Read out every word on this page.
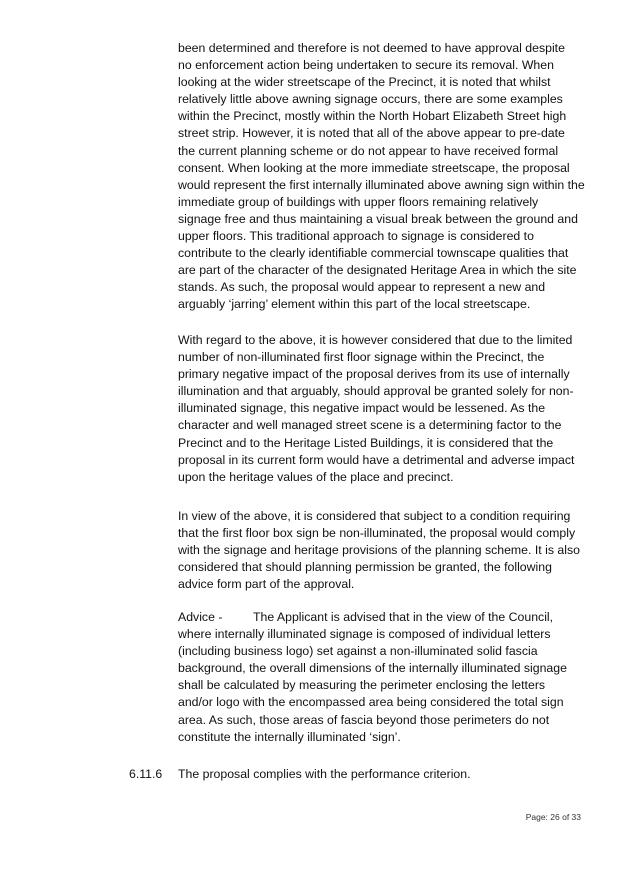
been determined and therefore is not deemed to have approval despite
no enforcement action being undertaken to secure its removal. When
looking at the wider streetscape of the Precinct, it is noted that whilst
relatively little above awning signage occurs, there are some examples
within the Precinct, mostly within the North Hobart Elizabeth Street high
street strip. However, it is noted that all of the above appear to pre-date
the current planning scheme or do not appear to have received formal
consent. When looking at the more immediate streetscape, the proposal
would represent the first internally illuminated above awning sign within the
immediate group of buildings with upper floors remaining relatively
signage free and thus maintaining a visual break between the ground and
upper floors. This traditional approach to signage is considered to
contribute to the clearly identifiable commercial townscape qualities that
are part of the character of the designated Heritage Area in which the site
stands. As such, the proposal would appear to represent a new and
arguably ‘jarring’ element within this part of the local streetscape.
With regard to the above, it is however considered that due to the limited
number of non-illuminated first floor signage within the Precinct, the
primary negative impact of the proposal derives from its use of internally
illumination and that arguably, should approval be granted solely for non-
illuminated signage, this negative impact would be lessened. As the
character and well managed street scene is a determining factor to the
Precinct and to the Heritage Listed Buildings, it is considered that the
proposal in its current form would have a detrimental and adverse impact
upon the heritage values of the place and precinct.
In view of the above, it is considered that subject to a condition requiring
that the first floor box sign be non-illuminated, the proposal would comply
with the signage and heritage provisions of the planning scheme. It is also
considered that should planning permission be granted, the following
advice form part of the approval.
Advice - The Applicant is advised that in the view of the Council,
where internally illuminated signage is composed of individual letters
(including business logo) set against a non-illuminated solid fascia
background, the overall dimensions of the internally illuminated signage
shall be calculated by measuring the perimeter enclosing the letters
and/or logo with the encompassed area being considered the total sign
area. As such, those areas of fascia beyond those perimeters do not
constitute the internally illuminated ‘sign’.
6.11.6 The proposal complies with the performance criterion.
Page: 26 of 33
